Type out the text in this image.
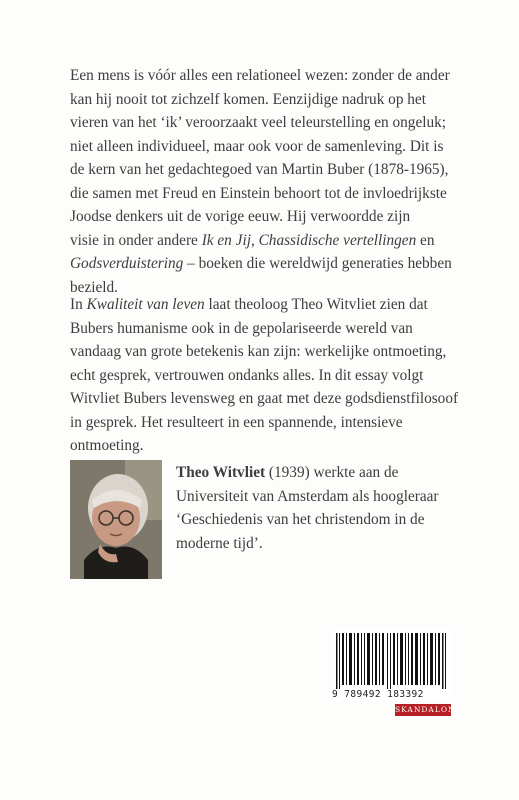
Een mens is vóór alles een relationeel wezen: zonder de ander
kan hij nooit tot zichzelf komen. Eenzijdige nadruk op het
vieren van het ‘ik’ veroorzaakt veel teleurstelling en ongeluk;
niet alleen individueel, maar ook voor de samenleving. Dit is
de kern van het gedachtegoed van Martin Buber (1878-1965),
die samen met Freud en Einstein behoort tot de invloedrijkste
Joodse denkers uit de vorige eeuw. Hij verwoordde zijn
visie in onder andere Ik en Jij, Chassidische vertellingen en
Godsverduistering – boeken die wereldwijd generaties hebben
bezield.
In Kwaliteit van leven laat theoloog Theo Witvliet zien dat
Bubers humanisme ook in de gepolariseerde wereld van
vandaag van grote betekenis kan zijn: werkelijke ontmoeting,
echt gesprek, vertrouwen ondanks alles. In dit essay volgt
Witvliet Bubers levensweg en gaat met deze godsdienstfilosoof
in gesprek. Het resulteert in een spannende, intensieve
ontmoeting.
Theo Witvliet (1939) werkte aan de
Universiteit van Amsterdam als hoogleraar
‘Geschiedenis van het christendom in de
moderne tijd’.
9 789492 183392
SKANDALON
